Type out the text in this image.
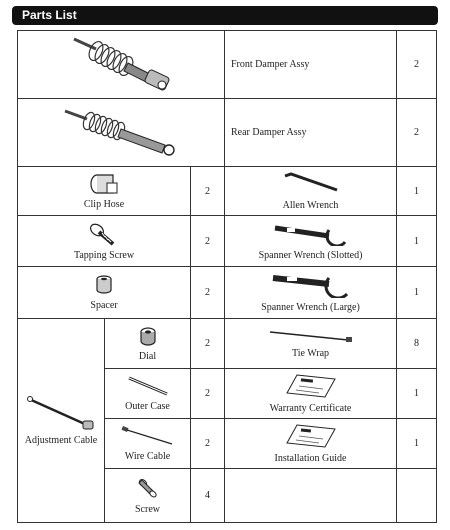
Parts List
	Front Damper Assy	2
	Rear Damper Assy	2

Clip Hose		2	Allen Wrench	1

Tapping Screw		2	Spanner Wrench (Slotted)	1

Spacer		2	Spanner Wrench (Large)	1

Adjustment Cable	Dial	2	Tie Wrap	8

	Outer Case	2	Warranty Certificate	1

	Wire Cable	2	Installation Guide	1

	Screw	4		
